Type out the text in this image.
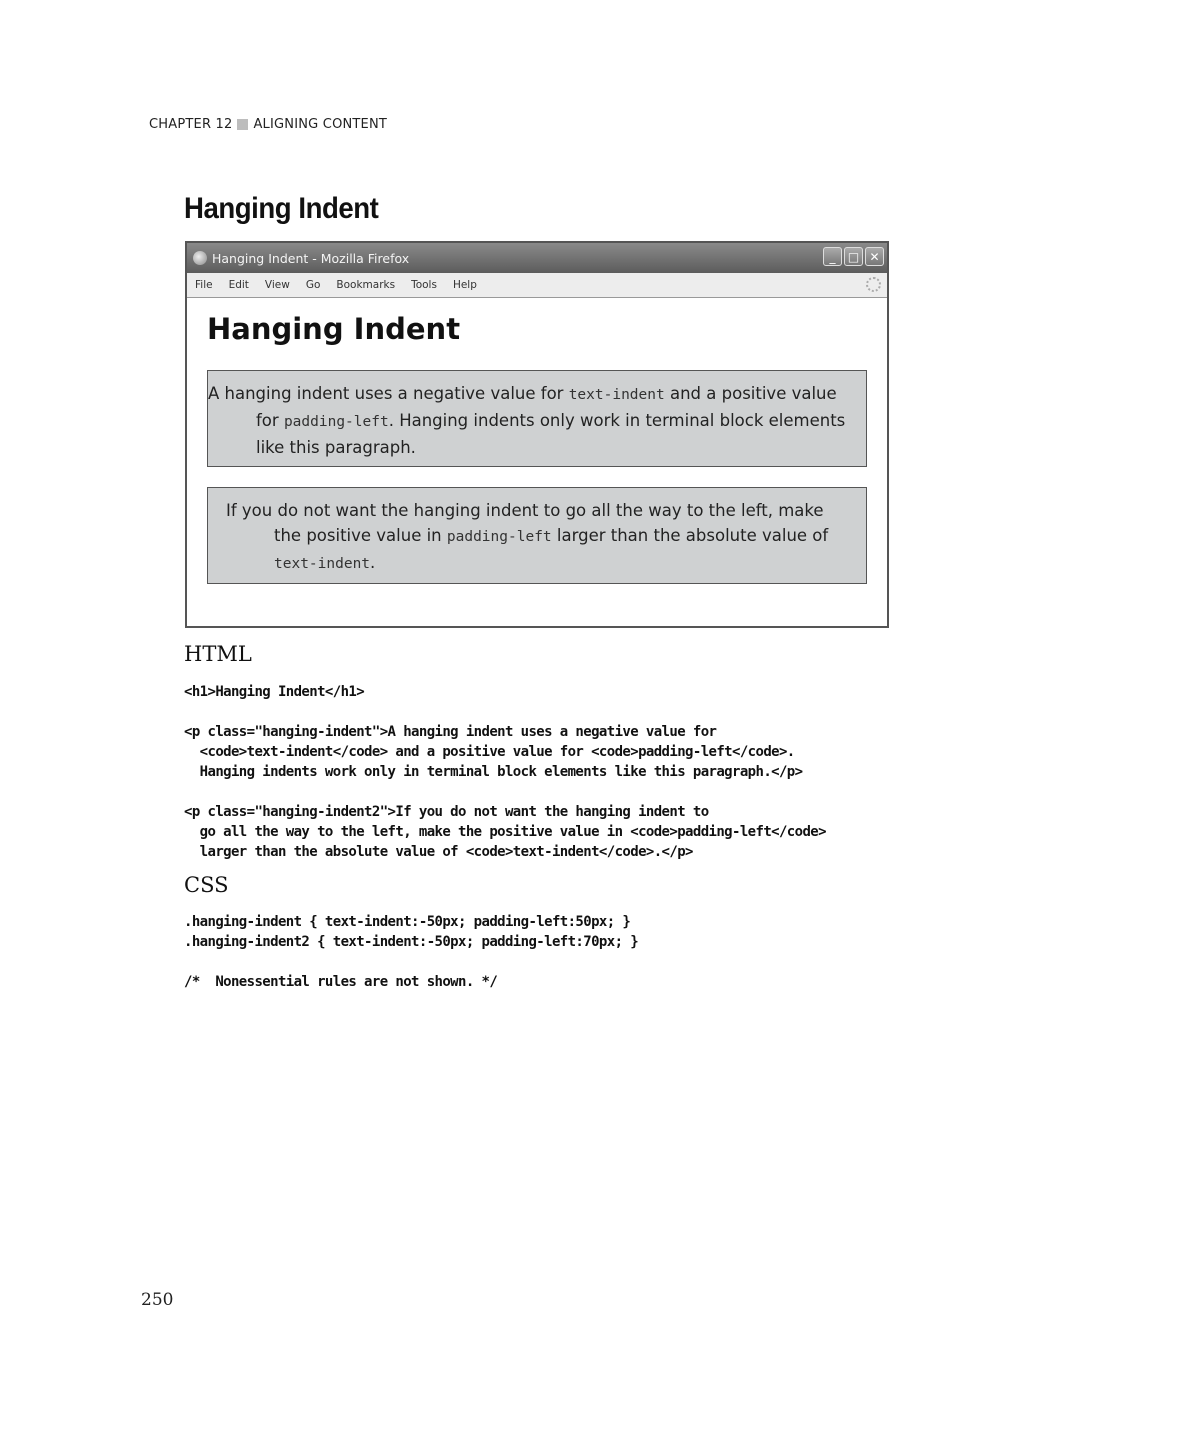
CHAPTER 12 ALIGNING CONTENT
Hanging Indent
Hanging Indent - Mozilla Firefox	_	□ ✕
File Edit View Go Bookmarks Tools Help
Hanging Indent
A hanging indent uses a negative value for text-indent and a positive value for padding-left. Hanging indents only work in terminal block elements like this paragraph.
If you do not want the hanging indent to go all the way to the left, make the positive value in padding-left larger than the absolute value of text-indent.
HTML
<h1>Hanging Indent</h1>

<p class="hanging-indent">A hanging indent uses a negative value for
<code>text-indent</code> and a positive value for <code>padding-left</code>.
Hanging indents work only in terminal block elements like this paragraph.</p>

<p class="hanging-indent2">If you do not want the hanging indent to
go all the way to the left, make the positive value in <code>padding-left</code>
larger than the absolute value of <code>text-indent</code>.</p>
CSS
.hanging-indent { text-indent:-50px; padding-left:50px; }
.hanging-indent2 { text-indent:-50px; padding-left:70px; }

/*  Nonessential rules are not shown. */
250
